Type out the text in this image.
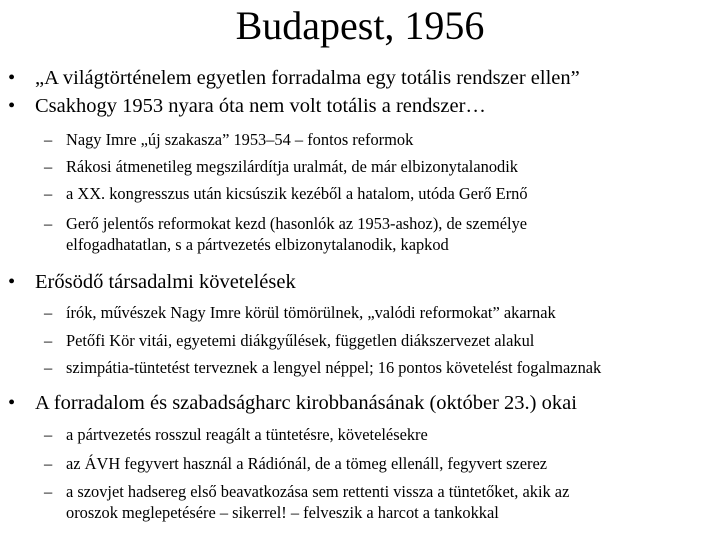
Budapest, 1956
• „A világtörténelem egyetlen forradalma egy totális rendszer ellen”
• Csakhogy 1953 nyara óta nem volt totális a rendszer…
– Nagy Imre „új szakasza” 1953–54 – fontos reformok
– Rákosi átmenetileg megszilárdítja uralmát, de már elbizonytalanodik
– a XX. kongresszus után kicsúszik kezéből a hatalom, utóda Gerő Ernő
– Gerő jelentős reformokat kezd (hasonlók az 1953-ashoz), de személye
elfogadhatatlan, s a pártvezetés elbizonytalanodik, kapkod
• Erősödő társadalmi követelések
– írók, művészek Nagy Imre körül tömörülnek, „valódi reformokat” akarnak
– Petőfi Kör vitái, egyetemi diákgyűlések, független diákszervezet alakul
– szimpátia-tüntetést terveznek a lengyel néppel; 16 pontos követelést fogalmaznak
• A forradalom és szabadságharc kirobbanásának (október 23.) okai
– a pártvezetés rosszul reagált a tüntetésre, követelésekre
– az ÁVH fegyvert használ a Rádiónál, de a tömeg ellenáll, fegyvert szerez
– a szovjet hadsereg első beavatkozása sem rettenti vissza a tüntetőket, akik az
oroszok meglepetésére – sikerrel! – felveszik a harcot a tankokkal
